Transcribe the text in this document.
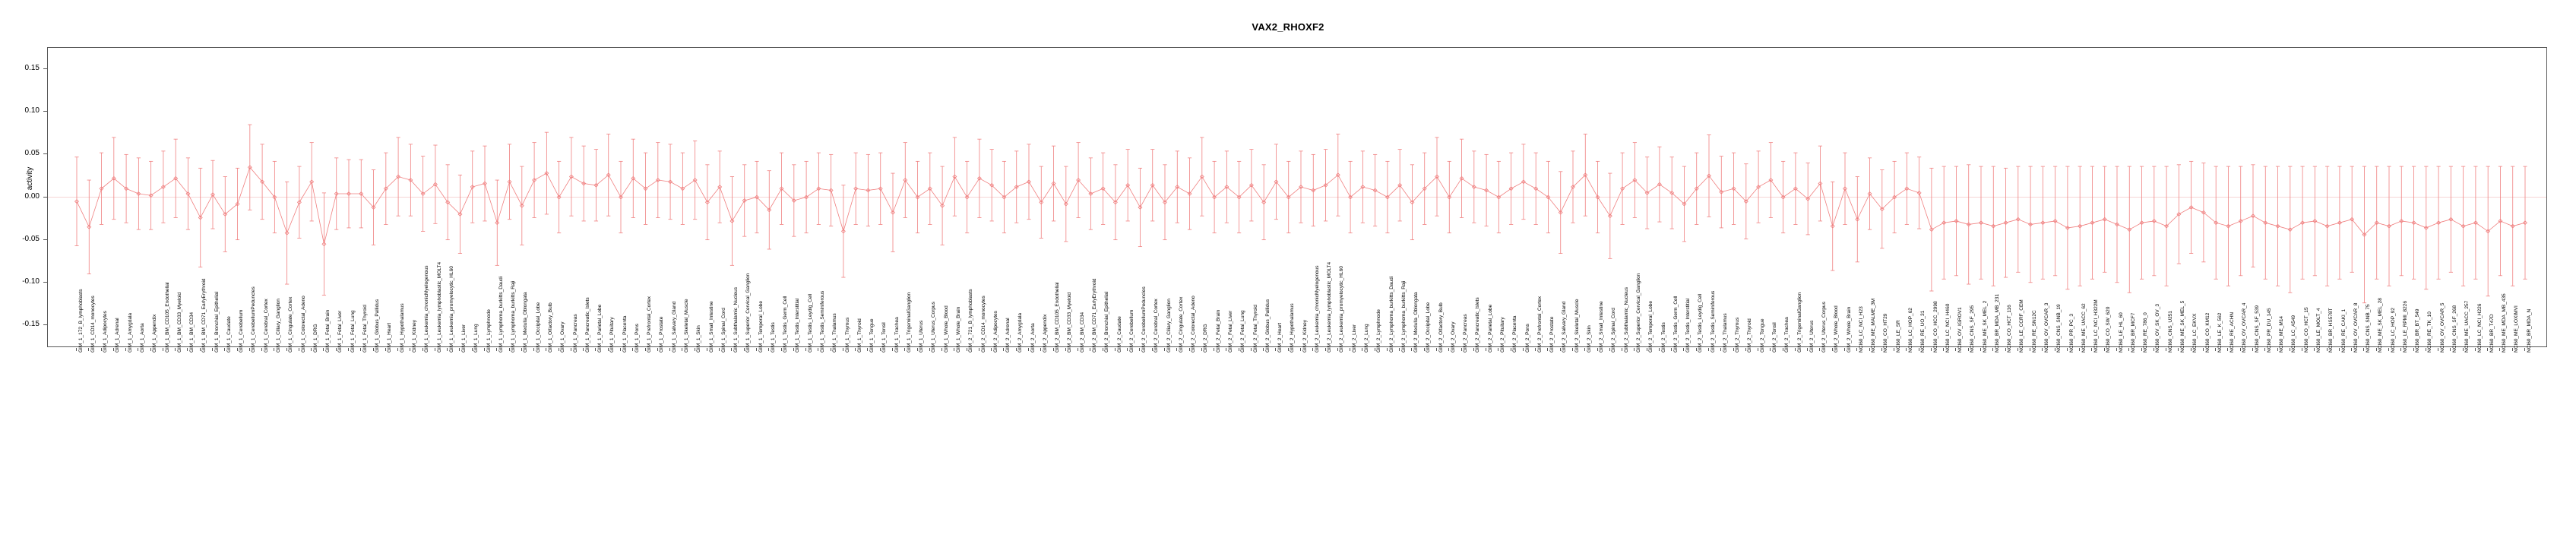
VAX2_RHOXF2
activity
-0.15
-0.10
-0.05
0.00
0.05
0.10
0.15
GIM_1_172_B_lymphoblasts GIM_1_CD14_monocytes GIM_1_Adipocytes GIM_1_Adrenal GIM_1_Amygdala GIM_1_Aorta GIM_1_Appendix GIM_1_BM_CD105_Endothelial GIM_1_BM_CD33_Myeloid GIM_1_BM_CD34 GIM_1_BM_CD71_EarlyErythroid GIM_1_Bronchial_Epithelial GIM_1_Caudate GIM_1_Cerebellum GIM_1_CerebellumPeduncles GIM_1_Cerebral_Cortex GIM_1_Ciliary_Ganglion GIM_1_Cingulate_Cortex GIM_1_Colorectal_Adeno GIM_1_DRG GIM_1_Fetal_Brain GIM_1_Fetal_Liver GIM_1_Fetal_Lung GIM_1_Fetal_Thyroid GIM_1_Globus_Pallidus GIM_1_Heart GIM_1_Hypothalamus GIM_1_Kidney GIM_1_Leukemia_chronicMyelogenous GIM_1_Leukemia_lymphoblastic_MOLT4 GIM_1_Leukemia_promyelocytic_HL60 GIM_1_Liver GIM_1_Lung GIM_1_Lymphnode GIM_1_Lymphoma_burkitts_Daudi GIM_1_Lymphoma_burkitts_Raji GIM_1_Medulla_Oblongata GIM_1_Occipital_Lobe GIM_1_Olfactory_Bulb GIM_1_Ovary GIM_1_Pancreas GIM_1_Pancreatic_Islets GIM_1_Parietal_Lobe GIM_1_Pituitary GIM_1_Placenta GIM_1_Pons GIM_1_Prefrontal_Cortex GIM_1_Prostate GIM_1_Salivary_Gland GIM_1_Skeletal_Muscle GIM_1_Skin GIM_1_Small_Intestine GIM_1_Spinal_Cord GIM_1_Subthalamic_Nucleus GIM_1_Superior_Cervical_Ganglion GIM_1_Temporal_Lobe GIM_1_Testis GIM_1_Testis_Germ_Cell GIM_1_Testis_Interstitial GIM_1_Testis_Leydig_Cell GIM_1_Testis_Seminiferous GIM_1_Thalamus GIM_1_Thymus GIM_1_Thyroid GIM_1_Tongue GIM_1_Tonsil GIM_1_Trachea GIM_1_TrigeminalGanglion GIM_1_Uterus GIM_1_Uterus_Corpus GIM_1_Whole_Blood GIM_1_Whole_Brain GIM_2_721_B_lymphoblasts GIM_2_CD14_monocytes GIM_2_Adipocytes GIM_2_Adrenal GIM_2_Amygdala GIM_2_Aorta GIM_2_Appendix GIM_2_BM_CD105_Endothelial GIM_2_BM_CD33_Myeloid GIM_2_BM_CD34 GIM_2_BM_CD71_EarlyErythroid GIM_2_Bronchial_Epithelial GIM_2_Caudate GIM_2_Cerebellum GIM_2_CerebellumPeduncles GIM_2_Cerebral_Cortex GIM_2_Ciliary_Ganglion GIM_2_Cingulate_Cortex GIM_2_Colorectal_Adeno GIM_2_DRG GIM_2_Fetal_Brain GIM_2_Fetal_Liver GIM_2_Fetal_Lung GIM_2_Fetal_Thyroid GIM_2_Globus_Pallidus GIM_2_Heart GIM_2_Hypothalamus GIM_2_Kidney GIM_2_Leukemia_chronicMyelogenous GIM_2_Leukemia_lymphoblastic_MOLT4 GIM_2_Leukemia_promyelocytic_HL60 GIM_2_Liver GIM_2_Lung GIM_2_Lymphnode GIM_2_Lymphoma_burkitts_Daudi GIM_2_Lymphoma_burkitts_Raji GIM_2_Medulla_Oblongata GIM_2_Occipital_Lobe GIM_2_Olfactory_Bulb GIM_2_Ovary GIM_2_Pancreas GIM_2_Pancreatic_Islets GIM_2_Parietal_Lobe GIM_2_Pituitary GIM_2_Placenta GIM_2_Pons GIM_2_Prefrontal_Cortex GIM_2_Prostate GIM_2_Salivary_Gland GIM_2_Skeletal_Muscle GIM_2_Skin GIM_2_Small_Intestine GIM_2_Spinal_Cord GIM_2_Subthalamic_Nucleus GIM_2_Superior_Cervical_Ganglion GIM_2_Temporal_Lobe GIM_2_Testis GIM_2_Testis_Germ_Cell GIM_2_Testis_Interstitial GIM_2_Testis_Leydig_Cell GIM_2_Testis_Seminiferous GIM_2_Thalamus GIM_2_Thymus GIM_2_Thyroid GIM_2_Tongue GIM_2_Tonsil GIM_2_Trachea GIM_2_TrigeminalGanglion GIM_2_Uterus GIM_2_Uterus_Corpus GIM_2_Whole_Blood GIM_2_Whole_Brain NCI60_LC_NCI_H23 NCI60_ME_MALME_3M NCI60_CO_HT29 NCI60_LE_SR NCI60_LC_HOP_62 NCI60_RE_UO_31 NCI60_CO_HCC_2998 NCI60_LC_NCI_H460 NCI60_OV_IGROV1 NCI60_CNS_SF_295 NCI60_ME_SK_MEL_2 NCI60_BR_MDA_MB_231 NCI60_CO_HCT_116 NCI60_LE_CCRF_CEM NCI60_RE_SN12C NCI60_OV_OVCAR_3 NCI60_CNS_SNB_19 NCI60_PR_PC_3 NCI60_ME_UACC_62 NCI60_LC_NCI_H322M NCI60_CO_SW_620 NCI60_LE_HL_60 NCI60_BR_MCF7 NCI60_RE_786_0 NCI60_OV_SK_OV_3 NCI60_CNS_U251 NCI60_ME_SK_MEL_5 NCI60_LC_EKVX NCI60_CO_KM12 NCI60_LE_K_562 NCI60_RE_ACHN NCI60_OV_OVCAR_4 NCI60_CNS_SF_539 NCI60_PR_DU_145 NCI60_ME_M14 NCI60_LC_A549 NCI60_CO_HCT_15 NCI60_LE_MOLT_4 NCI60_BR_HS578T NCI60_RE_CAKI_1 NCI60_OV_OVCAR_8 NCI60_CNS_SNB_75 NCI60_ME_SK_MEL_28 NCI60_LC_HOP_92 NCI60_LE_RPMI_8226 NCI60_BR_BT_549 NCI60_RE_TK_10 NCI60_OV_OVCAR_5 NCI60_CNS_SF_268 NCI60_ME_UACC_257 NCI60_LC_NCI_H226 NCI60_BR_T47D NCI60_ME_MDA_MB_435 NCI60_ME_LOXIMVI NCI60_BR_MDA_N
